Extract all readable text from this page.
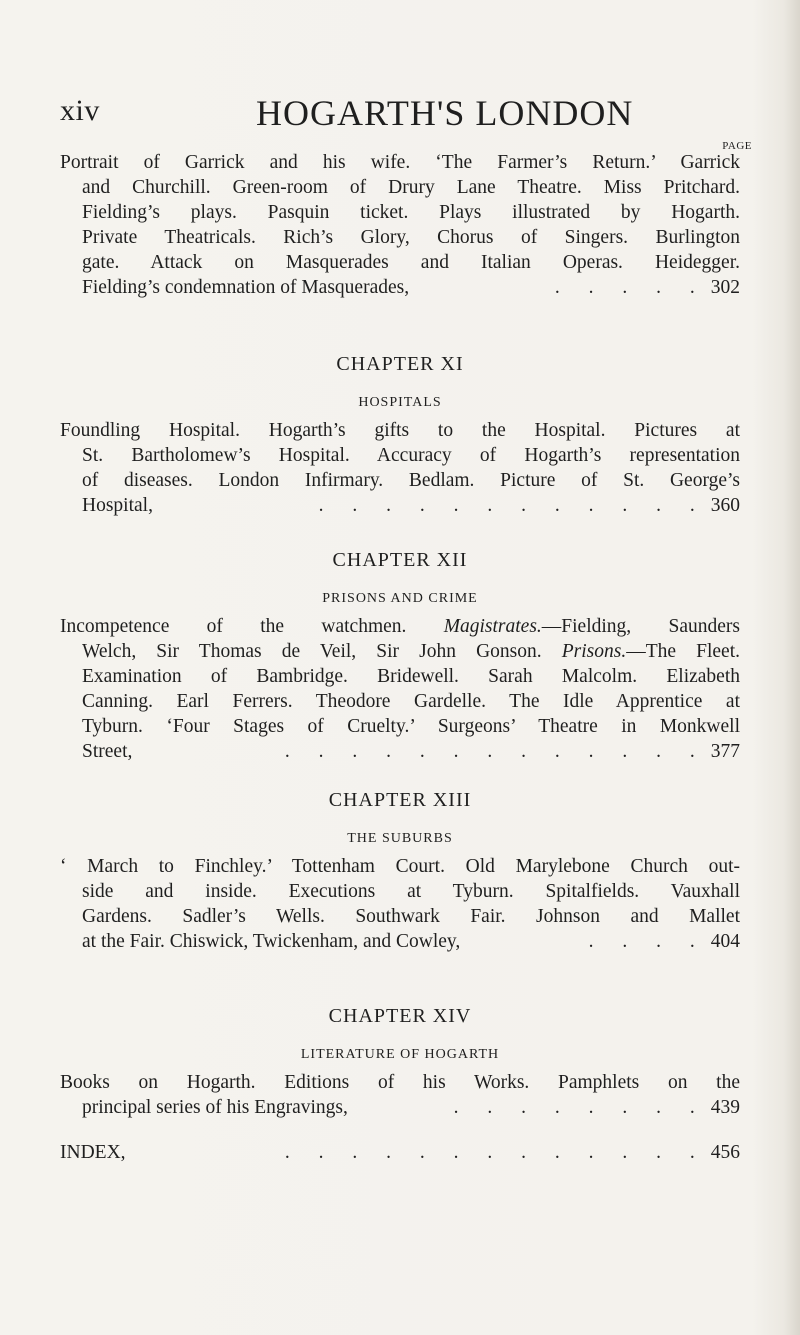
xiv	HOGARTH'S LONDON
PAGE
Portrait of Garrick and his wife. ‘The Farmer’s Return.’ Garrick
and Churchill. Green-room of Drury Lane Theatre. Miss Pritchard.
Fielding’s plays. Pasquin ticket. Plays illustrated by Hogarth.
Private Theatricals. Rich’s Glory, Chorus of Singers. Burlington
gate. Attack on Masquerades and Italian Operas. Heidegger.
Fielding’s condemnation of Masquerades,	. . . . . 302
CHAPTER XI
HOSPITALS
Foundling Hospital. Hogarth’s gifts to the Hospital. Pictures at
St. Bartholomew’s Hospital. Accuracy of Hogarth’s representation
of diseases. London Infirmary. Bedlam. Picture of St. George’s
Hospital,	. . . . . . . . . . . . 360
CHAPTER XII
PRISONS AND CRIME
Incompetence of the watchmen. Magistrates.—Fielding, Saunders
Welch, Sir Thomas de Veil, Sir John Gonson. Prisons.—The Fleet.
Examination of Bambridge. Bridewell. Sarah Malcolm. Elizabeth
Canning. Earl Ferrers. Theodore Gardelle. The Idle Apprentice at
Tyburn. ‘Four Stages of Cruelty.’ Surgeons’ Theatre in Monkwell
Street,	. . . . . . . . . . . . . 377
CHAPTER XIII
THE SUBURBS
‘ March to Finchley.’ Tottenham Court. Old Marylebone Church out-
side and inside. Executions at Tyburn. Spitalfields. Vauxhall
Gardens. Sadler’s Wells. Southwark Fair. Johnson and Mallet
at the Fair. Chiswick, Twickenham, and Cowley,	. . . . 404
CHAPTER XIV
LITERATURE OF HOGARTH
Books on Hogarth. Editions of his Works. Pamphlets on the
principal series of his Engravings,	. . . . . . . . 439
INDEX,	. . . . . . . . . . . . . 456
